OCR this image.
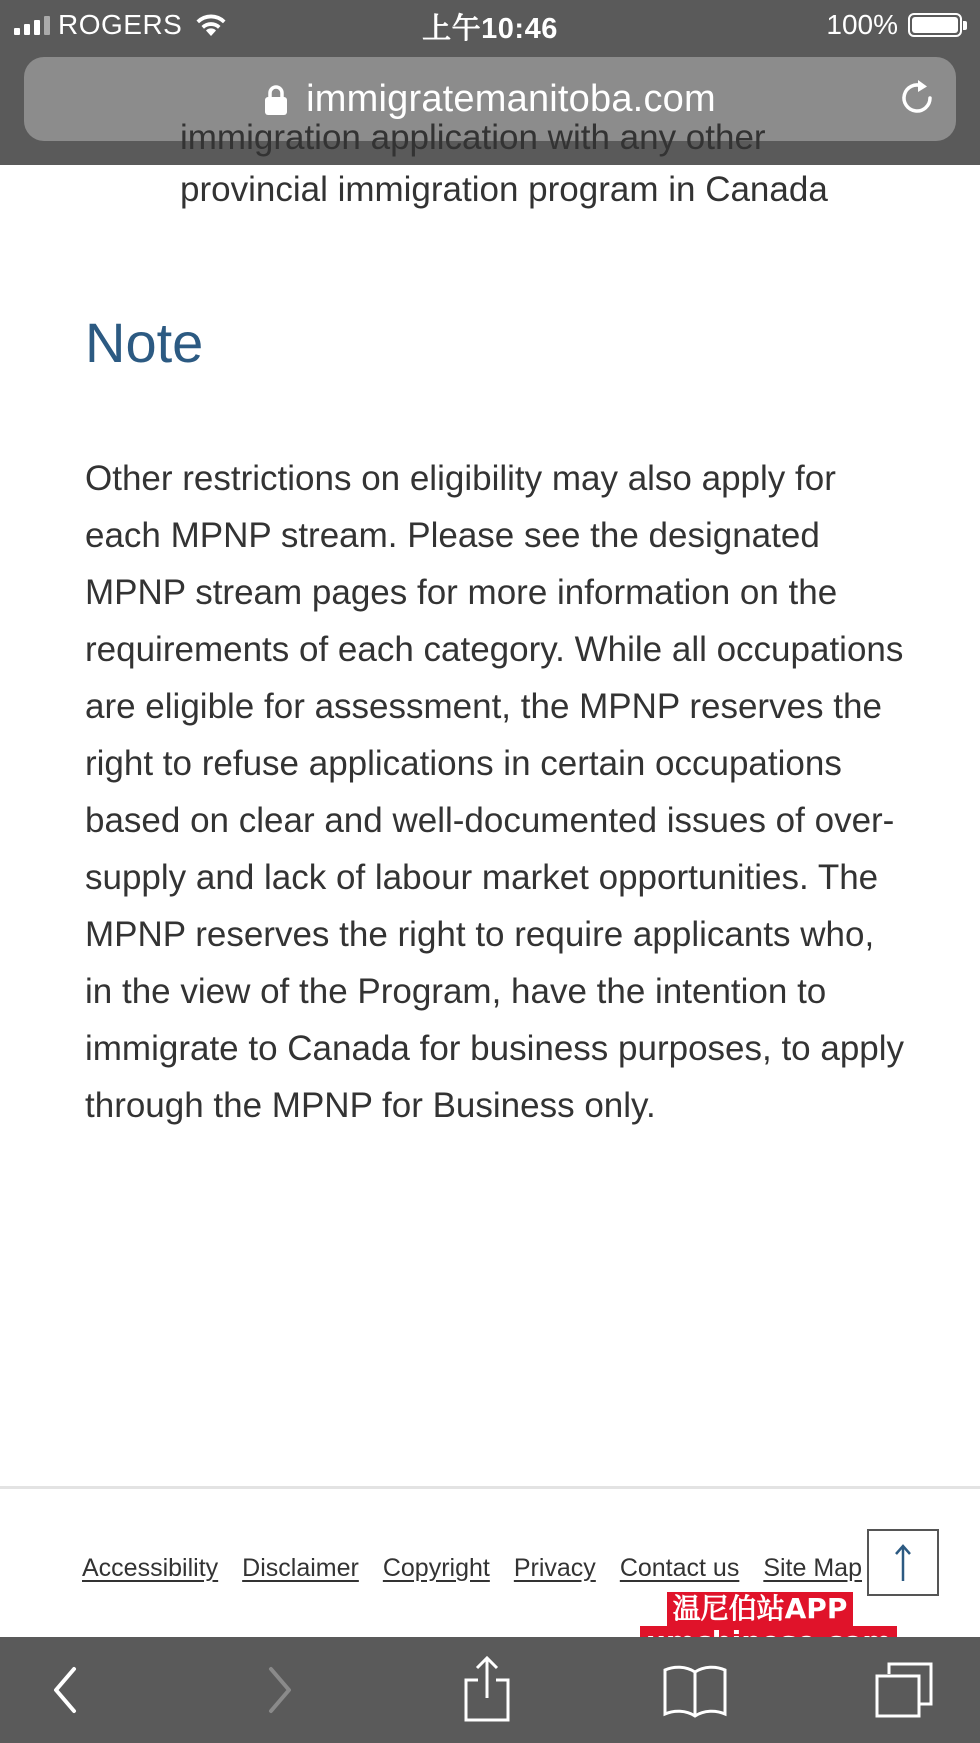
ROGERS	上午10:46	100%
immigratemanitoba.com
immigration application with any other
provincial immigration program in Canada
Note

Other restrictions on eligibility may also apply for each MPNP stream. Please see the designated MPNP stream pages for more information on the requirements of each category. While all occupations are eligible for assessment, the MPNP reserves the right to refuse applications in certain occupations based on clear and well-documented issues of over-supply and lack of labour market opportunities. The MPNP reserves the right to require applicants who, in the view of the Program, have the intention to immigrate to Canada for business purposes, to apply through the MPNP for Business only.

Accessibility Disclaimer Copyright Privacy Contact us Site Map
温尼伯站APP
